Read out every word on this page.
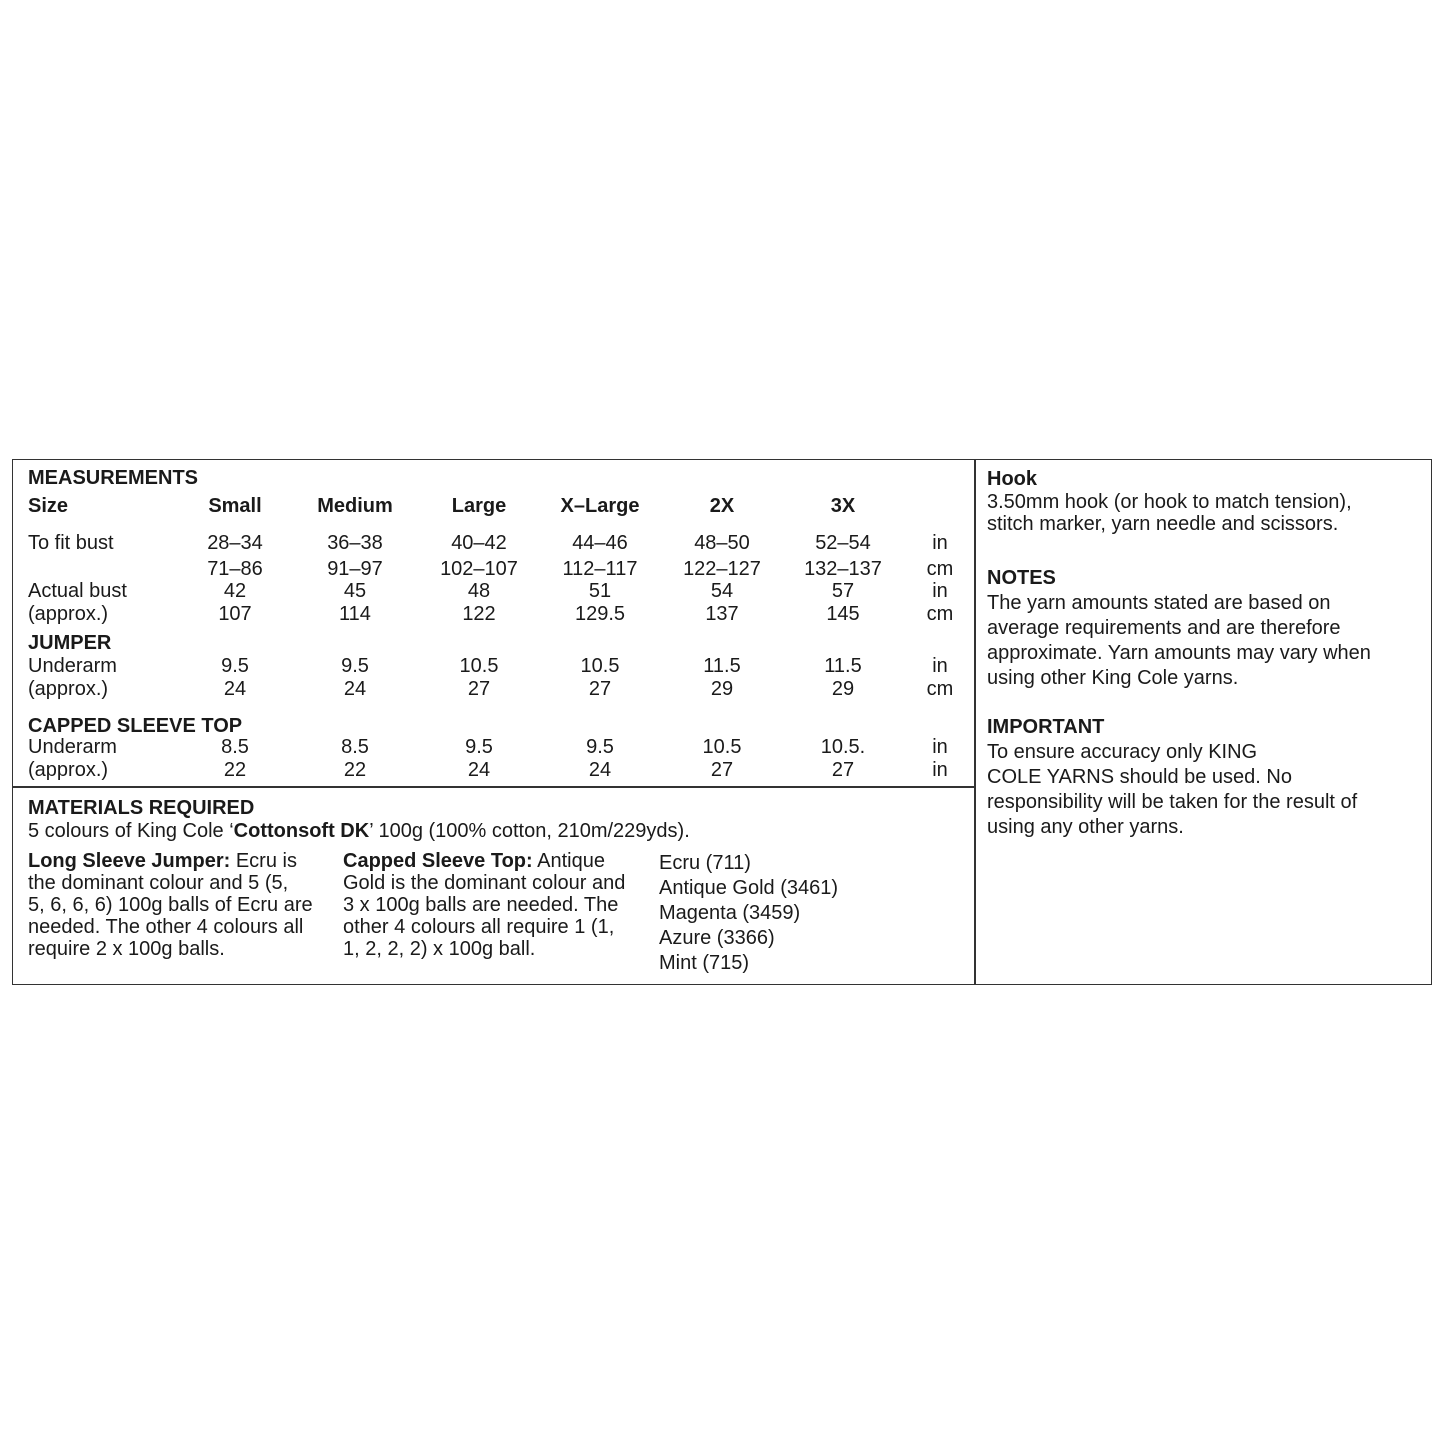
MEASUREMENTS
Size	Small	Medium	Large	X–Large	2X	3X
To fit bust	28–34	36–38	40–42	44–46	48–50	52–54	in
71–86	91–97	102–107	112–117	122–127	132–137	cm
Actual bust	42	45	48	51	54	57	in
(approx.)	107	114	122	129.5	137	145	cm
Underarm	9.5	9.5	10.5	10.5	11.5	11.5	in
(approx.)	24	24	27	27	29	29	cm
Underarm	8.5	8.5	9.5	9.5	10.5	10.5.	in
(approx.)	22	22	24	24	27	27	in
JUMPER
CAPPED SLEEVE TOP
MATERIALS REQUIRED
5 colours of King Cole ‘Cottonsoft DK’ 100g (100% cotton, 210m/229yds).
Long Sleeve Jumper: Ecru is
the dominant colour and 5 (5,
5, 6, 6, 6) 100g balls of Ecru are
needed. The other 4 colours all
require 2 x 100g balls.
Capped Sleeve Top: Antique
Gold is the dominant colour and
3 x 100g balls are needed. The
other 4 colours all require 1 (1,
1, 2, 2, 2) x 100g ball.
Ecru (711)
Antique Gold (3461)
Magenta (3459)
Azure (3366)
Mint (715)
Hook
3.50mm hook (or hook to match tension),
stitch marker, yarn needle and scissors.
NOTES
The yarn amounts stated are based on
average requirements and are therefore
approximate. Yarn amounts may vary when
using other King Cole yarns.
IMPORTANT
To ensure accuracy only KING
COLE YARNS should be used. No
responsibility will be taken for the result of
using any other yarns.
